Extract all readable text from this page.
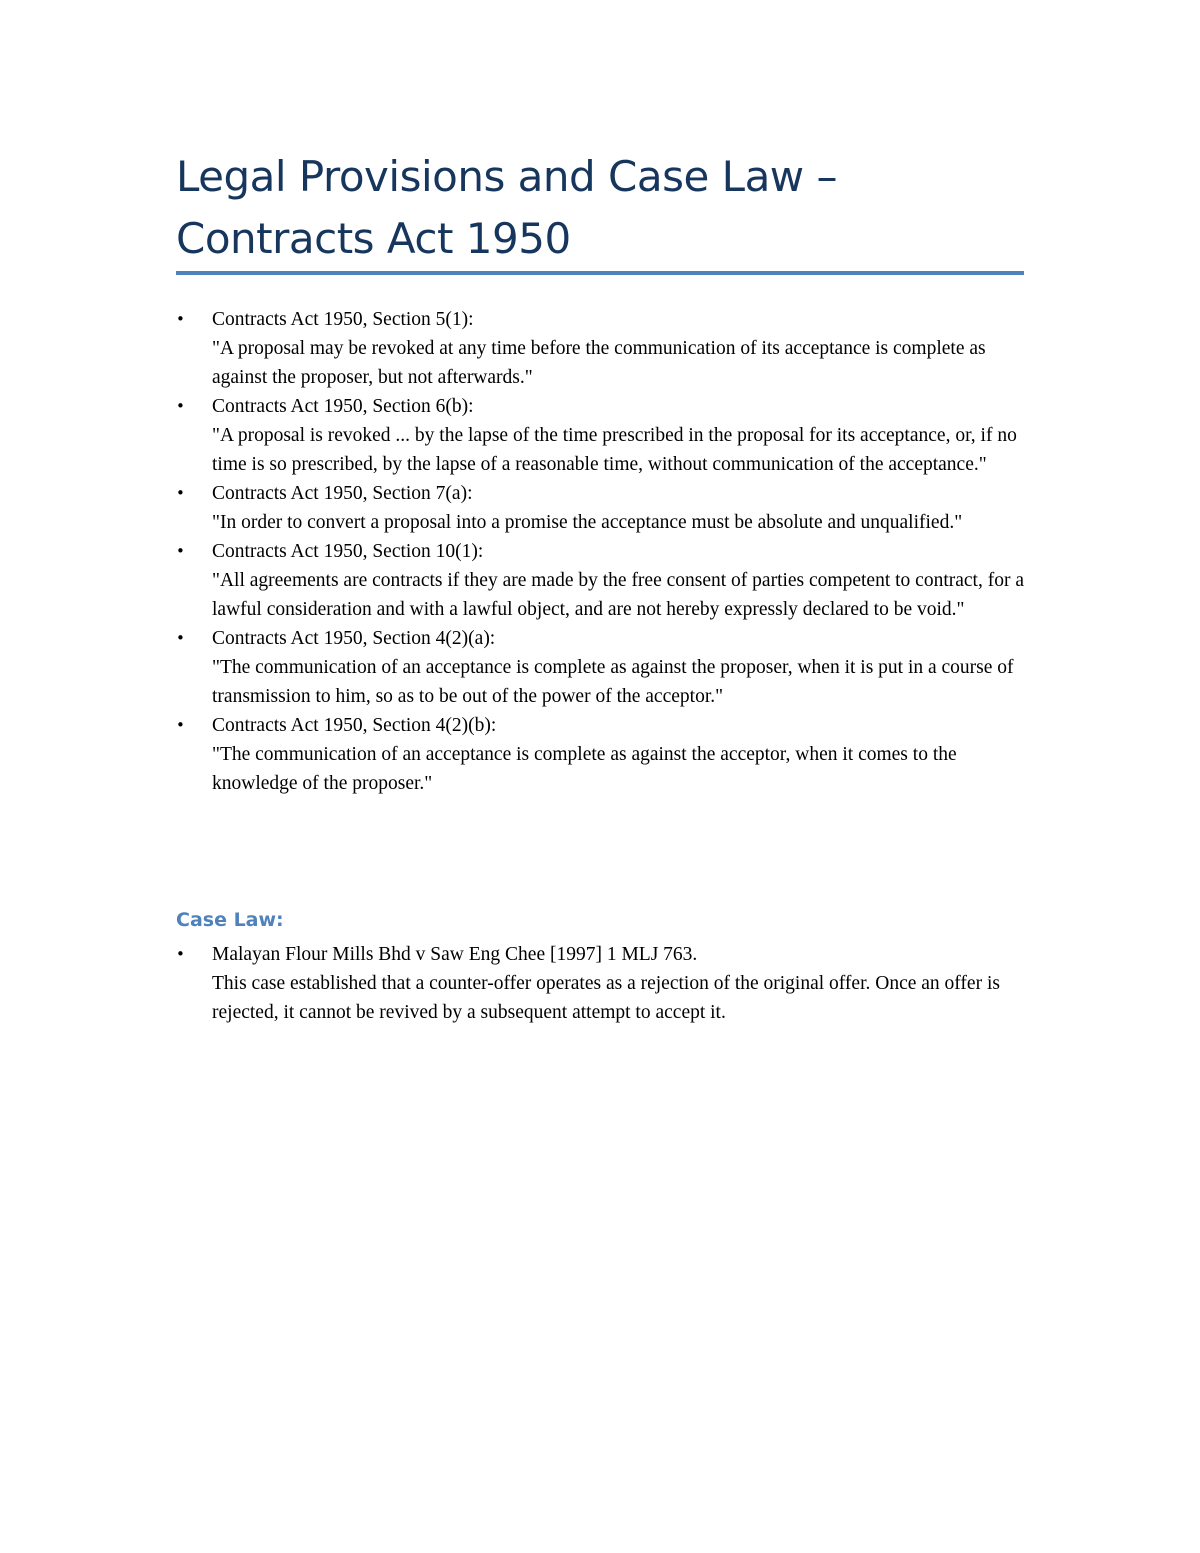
Legal Provisions and Case Law – Contracts Act 1950
• Contracts Act 1950, Section 5(1):
"A proposal may be revoked at any time before the communication of its acceptance is complete as against the proposer, but not afterwards."
• Contracts Act 1950, Section 6(b):
"A proposal is revoked ... by the lapse of the time prescribed in the proposal for its acceptance, or, if no time is so prescribed, by the lapse of a reasonable time, without communication of the acceptance."
• Contracts Act 1950, Section 7(a):
"In order to convert a proposal into a promise the acceptance must be absolute and unqualified."
• Contracts Act 1950, Section 10(1):
"All agreements are contracts if they are made by the free consent of parties competent to contract, for a lawful consideration and with a lawful object, and are not hereby expressly declared to be void."
• Contracts Act 1950, Section 4(2)(a):
"The communication of an acceptance is complete as against the proposer, when it is put in a course of transmission to him, so as to be out of the power of the acceptor."
• Contracts Act 1950, Section 4(2)(b):
"The communication of an acceptance is complete as against the acceptor, when it comes to the knowledge of the proposer."
Case Law:
• Malayan Flour Mills Bhd v Saw Eng Chee [1997] 1 MLJ 763.
This case established that a counter-offer operates as a rejection of the original offer. Once an offer is rejected, it cannot be revived by a subsequent attempt to accept it.
